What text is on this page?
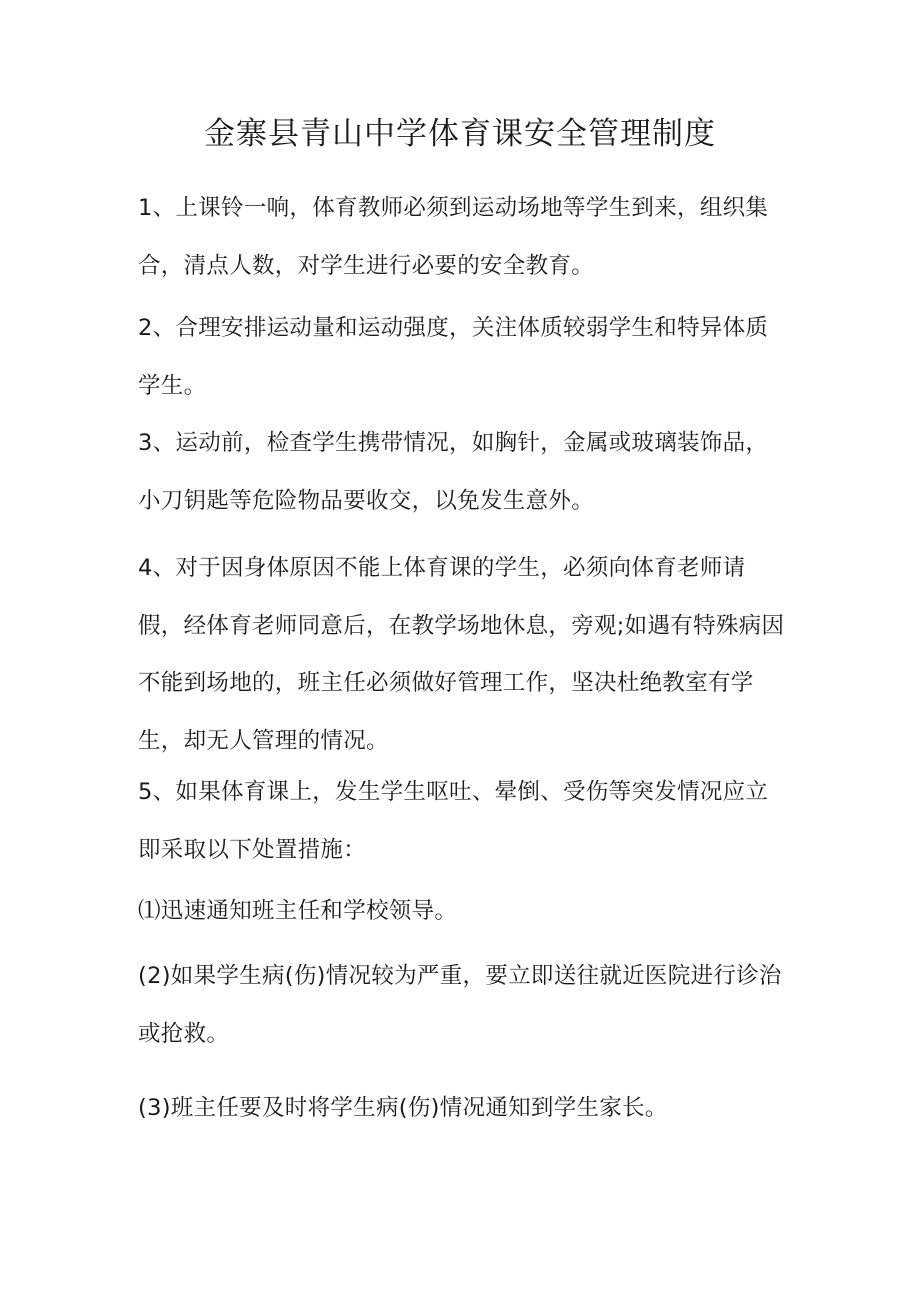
金寨县青山中学体育课安全管理制度
1、上课铃一响，体育教师必须到运动场地等学生到来，组织集合，清点人数，对学生进行必要的安全教育。
2、合理安排运动量和运动强度，关注体质较弱学生和特异体质学生。
3、运动前，检查学生携带情况，如胸针，金属或玻璃装饰品，小刀钥匙等危险物品要收交，以免发生意外。
4、对于因身体原因不能上体育课的学生，必须向体育老师请假，经体育老师同意后，在教学场地休息，旁观;如遇有特殊病因不能到场地的，班主任必须做好管理工作，坚决杜绝教室有学生，却无人管理的情况。
5、如果体育课上，发生学生呕吐、晕倒、受伤等突发情况应立即采取以下处置措施：
⑴迅速通知班主任和学校领导。
(2)如果学生病(伤)情况较为严重，要立即送往就近医院进行诊治或抢救。
(3)班主任要及时将学生病(伤)情况通知到学生家长。
